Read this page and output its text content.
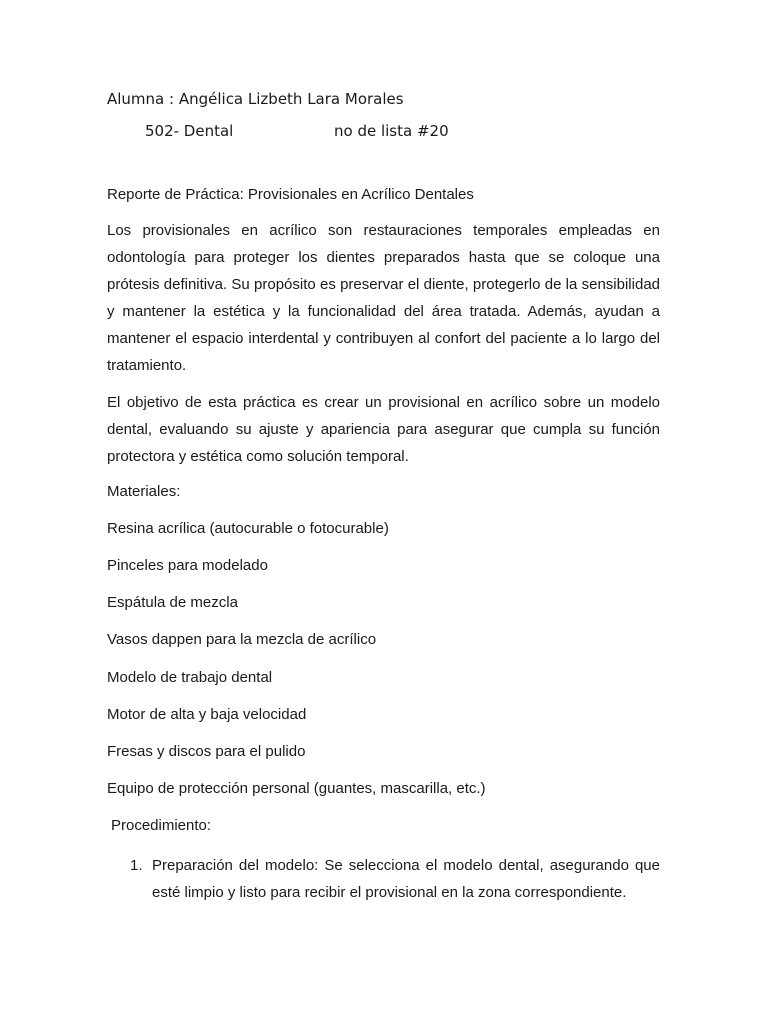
Alumna : Angélica Lizbeth Lara Morales
502- Dental	no de lista #20
Reporte de Práctica: Provisionales en Acrílico Dentales
Los provisionales en acrílico son restauraciones temporales empleadas en odontología para proteger los dientes preparados hasta que se coloque una prótesis definitiva. Su propósito es preservar el diente, protegerlo de la sensibilidad y mantener la estética y la funcionalidad del área tratada. Además, ayudan a mantener el espacio interdental y contribuyen al confort del paciente a lo largo del tratamiento.
El objetivo de esta práctica es crear un provisional en acrílico sobre un modelo dental, evaluando su ajuste y apariencia para asegurar que cumpla su función protectora y estética como solución temporal.
Materiales:
Resina acrílica (autocurable o fotocurable)
Pinceles para modelado
Espátula de mezcla
Vasos dappen para la mezcla de acrílico
Modelo de trabajo dental
Motor de alta y baja velocidad
Fresas y discos para el pulido
Equipo de protección personal (guantes, mascarilla, etc.)
Procedimiento:
1. Preparación del modelo: Se selecciona el modelo dental, asegurando que esté limpio y listo para recibir el provisional en la zona correspondiente.
